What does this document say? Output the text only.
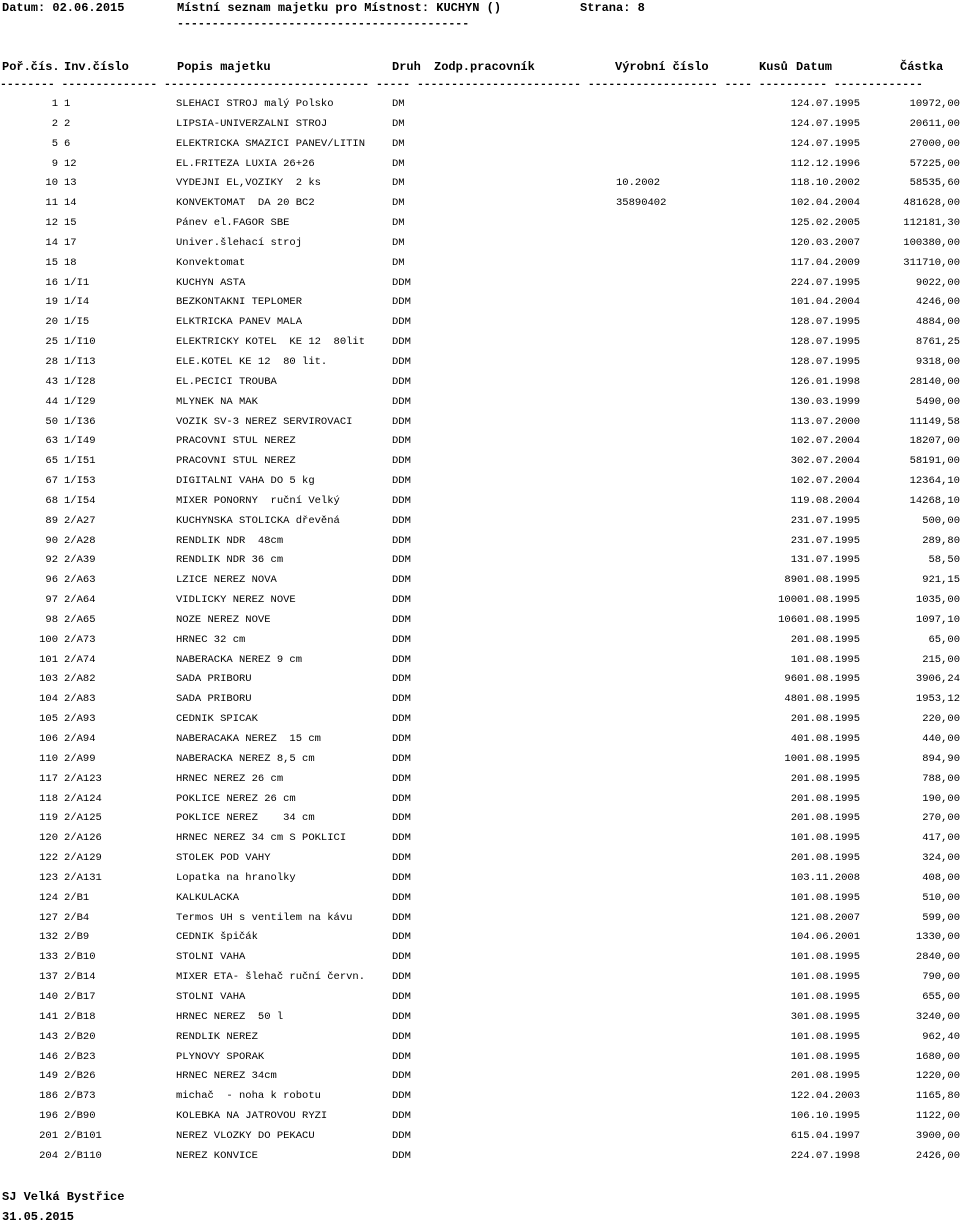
Datum: 02.06.2015	Místní seznam majetku pro Místnost: KUCHYN ()	Strana: 8
------------------------------------------
Poř.čís. Inv.číslo	Popis majetku	Druh Zodp.pracovník	Výrobní číslo	Kusů Datum	Částka
-------- -------------- ------------------------------ ----- ------------------------ ------------------- ---- ---------- -------------
1 1	SLEHACI STROJ malý Polsko	DM	1 24.07.1995	10972,00
2 2	LIPSIA-UNIVERZALNI STROJ	DM	1 24.07.1995	20611,00
5 6	ELEKTRICKA SMAZICI PANEV/LITIN	DM	1 24.07.1995	27000,00
9 12	EL.FRITEZA LUXIA 26+26	DM	1 12.12.1996	57225,00
10 13	VYDEJNI EL,VOZIKY  2 ks	DM	10.2002	1 18.10.2002	58535,60
11 14	KONVEKTOMAT  DA 20 BC2	DM	35890402	1 02.04.2004	481628,00
12 15	Pánev el.FAGOR SBE	DM	1 25.02.2005	112181,30
14 17	Univer.šlehací stroj	DM	1 20.03.2007	100380,00
15 18	Konvektomat	DM	1 17.04.2009	311710,00
16 1/I1	KUCHYN ASTA	DDM	2 24.07.1995	9022,00
19 1/I4	BEZKONTAKNI TEPLOMER	DDM	1 01.04.2004	4246,00
20 1/I5	ELKTRICKA PANEV MALA	DDM	1 28.07.1995	4884,00
25 1/I10	ELEKTRICKY KOTEL  KE 12  80lit	DDM	1 28.07.1995	8761,25
28 1/I13	ELE.KOTEL KE 12  80 lit.	DDM	1 28.07.1995	9318,00
43 1/I28	EL.PECICI TROUBA	DDM	1 26.01.1998	28140,00
44 1/I29	MLYNEK NA MAK	DDM	1 30.03.1999	5490,00
50 1/I36	VOZIK SV-3 NEREZ SERVIROVACI	DDM	1 13.07.2000	11149,58
63 1/I49	PRACOVNI STUL NEREZ	DDM	1 02.07.2004	18207,00
65 1/I51	PRACOVNI STUL NEREZ	DDM	3 02.07.2004	58191,00
67 1/I53	DIGITALNI VAHA DO 5 kg	DDM	1 02.07.2004	12364,10
68 1/I54	MIXER PONORNY  ruční Velký	DDM	1 19.08.2004	14268,10
89 2/A27	KUCHYNSKA STOLICKA dřevěná	DDM	2 31.07.1995	500,00
90 2/A28	RENDLIK NDR  48cm	DDM	2 31.07.1995	289,80
92 2/A39	RENDLIK NDR 36 cm	DDM	1 31.07.1995	58,50
96 2/A63	LZICE NEREZ NOVA	DDM	89 01.08.1995	921,15
97 2/A64	VIDLICKY NEREZ NOVE	DDM	100 01.08.1995	1035,00
98 2/A65	NOZE NEREZ NOVE	DDM	106 01.08.1995	1097,10
100 2/A73	HRNEC 32 cm	DDM	2 01.08.1995	65,00
101 2/A74	NABERACKA NEREZ 9 cm	DDM	1 01.08.1995	215,00
103 2/A82	SADA PRIBORU	DDM	96 01.08.1995	3906,24
104 2/A83	SADA PRIBORU	DDM	48 01.08.1995	1953,12
105 2/A93	CEDNIK SPICAK	DDM	2 01.08.1995	220,00
106 2/A94	NABERACAKA NEREZ  15 cm	DDM	4 01.08.1995	440,00
110 2/A99	NABERACKA NEREZ 8,5 cm	DDM	10 01.08.1995	894,90
117 2/A123	HRNEC NEREZ 26 cm	DDM	2 01.08.1995	788,00
118 2/A124	POKLICE NEREZ 26 cm	DDM	2 01.08.1995	190,00
119 2/A125	POKLICE NEREZ    34 cm	DDM	2 01.08.1995	270,00
120 2/A126	HRNEC NEREZ 34 cm S POKLICI	DDM	1 01.08.1995	417,00
122 2/A129	STOLEK POD VAHY	DDM	2 01.08.1995	324,00
123 2/A131	Lopatka na hranolky	DDM	1 03.11.2008	408,00
124 2/B1	KALKULACKA	DDM	1 01.08.1995	510,00
127 2/B4	Termos UH s ventilem na kávu	DDM	1 21.08.2007	599,00
132 2/B9	CEDNIK špičák	DDM	1 04.06.2001	1330,00
133 2/B10	STOLNI VAHA	DDM	1 01.08.1995	2840,00
137 2/B14	MIXER ETA- šlehač ruční červn.	DDM	1 01.08.1995	790,00
140 2/B17	STOLNI VAHA	DDM	1 01.08.1995	655,00
141 2/B18	HRNEC NEREZ  50 l	DDM	3 01.08.1995	3240,00
143 2/B20	RENDLIK NEREZ	DDM	1 01.08.1995	962,40
146 2/B23	PLYNOVY SPORAK	DDM	1 01.08.1995	1680,00
149 2/B26	HRNEC NEREZ 34cm	DDM	2 01.08.1995	1220,00
186 2/B73	michač  - noha k robotu	DDM	1 22.04.2003	1165,80
196 2/B90	KOLEBKA NA JATROVOU RYZI	DDM	1 06.10.1995	1122,00
201 2/B101	NEREZ VLOZKY DO PEKACU	DDM	6 15.04.1997	3900,00
204 2/B110	NEREZ KONVICE	DDM	2 24.07.1998	2426,00
SJ Velká Bystřice
31.05.2015
